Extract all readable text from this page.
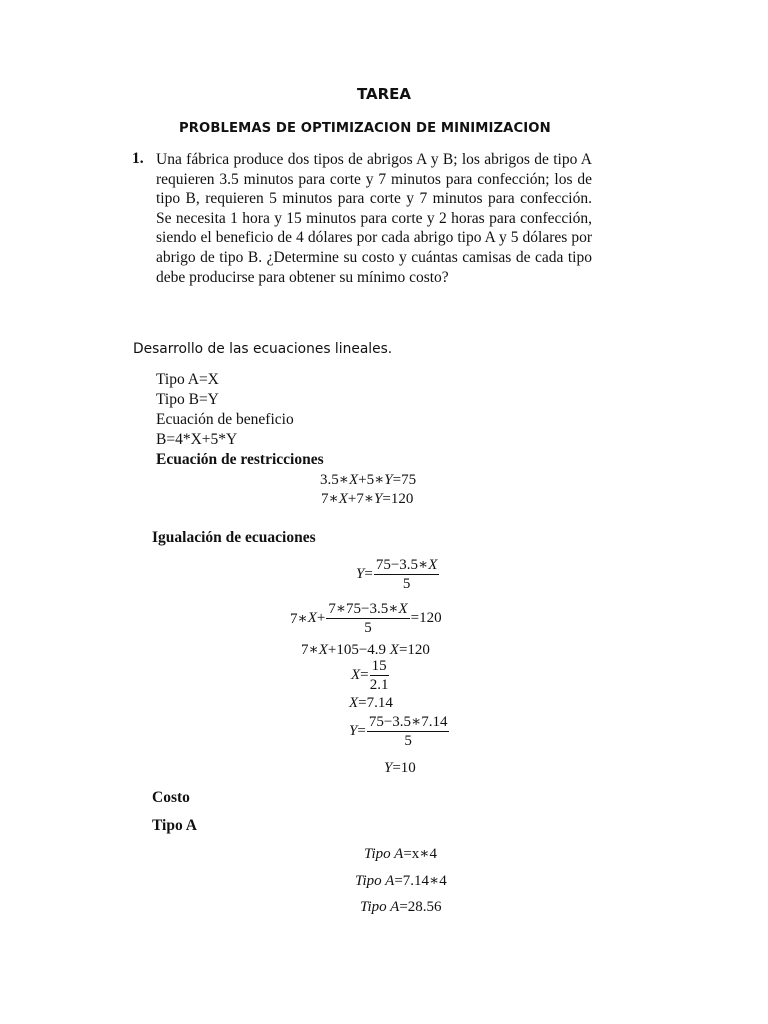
TAREA
PROBLEMAS DE OPTIMIZACION DE MINIMIZACION
1. Una fábrica produce dos tipos de abrigos A y B; los abrigos de tipo A requieren 3.5 minutos para corte y 7 minutos para confección; los de tipo B, requieren 5 minutos para corte y 7 minutos para confección. Se necesita 1 hora y 15 minutos para corte y 2 horas para confección, siendo el beneficio de 4 dólares por cada abrigo tipo A y 5 dólares por abrigo de tipo B. ¿Determine su costo y cuántas camisas de cada tipo debe producirse para obtener su mínimo costo?

Desarrollo de las ecuaciones lineales.
Tipo A=X
Tipo B=Y
Ecuación de beneficio
B=4*X+5*Y
Ecuación de restricciones
3.5∗X+5∗Y=75
7∗X+7∗Y=120
Igualación de ecuaciones
$Y = \frac{75-3.5∗X}{5}$
7∗ $X + \frac{7∗75-3.5∗X}{5} =120$
7∗X+105−4.9 X=120
$X = \frac{15}{2.1}$
X=7.14
$Y = \frac{75-3.5∗7.14}{5}$
Y=10
Costo
Tipo A
Tipo A=x∗4
Tipo A=7.14∗4
Tipo A=28.56
